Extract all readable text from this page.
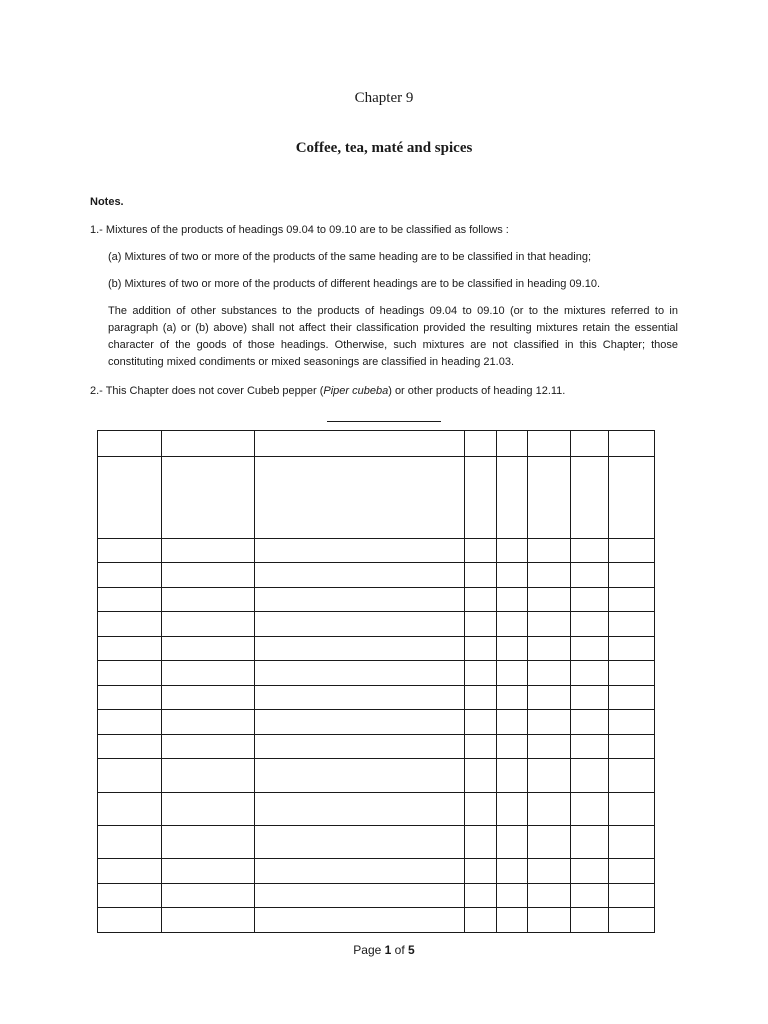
Chapter 9
Coffee, tea, maté and spices
Notes.
1.- Mixtures of the products of headings 09.04 to 09.10 are to be classified as follows :
(a) Mixtures of two or more of the products of the same heading are to be classified in that heading;
(b) Mixtures of two or more of the products of different headings are to be classified in heading 09.10.
The addition of other substances to the products of headings 09.04 to 09.10 (or to the mixtures referred to in paragraph (a) or (b) above) shall not affect their classification provided the resulting mixtures retain the essential character of the goods of those headings. Otherwise, such mixtures are not classified in this Chapter; those constituting mixed condiments or mixed seasonings are classified in heading 21.03.
2.- This Chapter does not cover Cubeb pepper (Piper cubeba) or other products of heading 12.11.

Page 1 of 5
